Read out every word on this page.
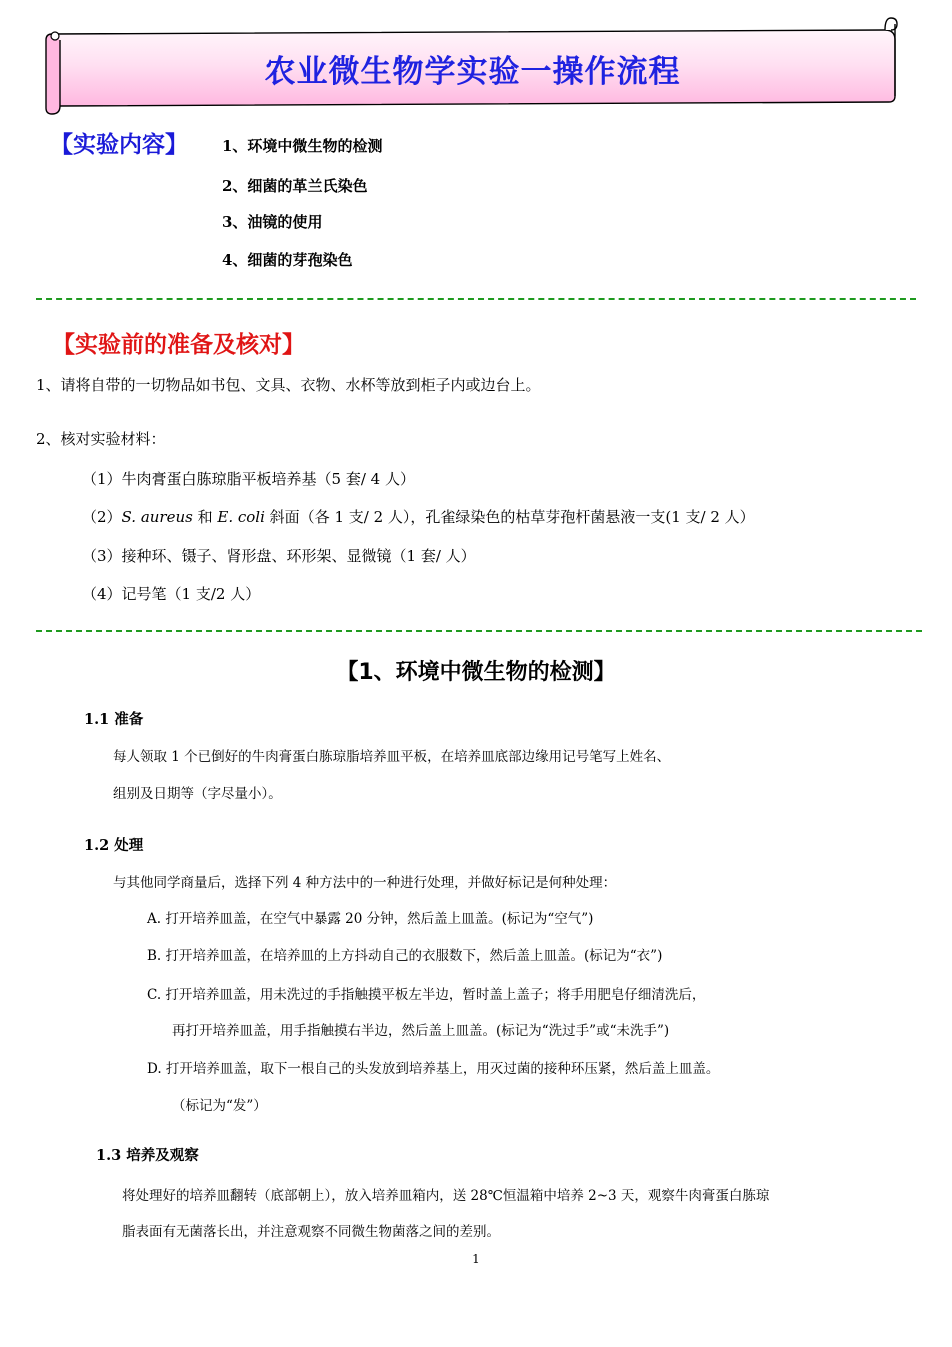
农业微生物学实验一操作流程
【实验内容】 1、环境中微生物的检测
2、细菌的革兰氏染色
3、油镜的使用
4、细菌的芽孢染色
【实验前的准备及核对】
1、请将自带的一切物品如书包、文具、衣物、水杯等放到柜子内或边台上。
2、核对实验材料：
（1）牛肉膏蛋白胨琼脂平板培养基（5 套/ 4 人）
（2）S. aureus 和 E. coli 斜面（各 1 支/ 2 人），孔雀绿染色的枯草芽孢杆菌悬液一支(1 支/ 2 人）
（3）接种环、镊子、肾形盘、环形架、显微镜（1 套/ 人）
（4）记号笔（1 支/2 人）
【1、环境中微生物的检测】
1.1 准备
每人领取 1 个已倒好的牛肉膏蛋白胨琼脂培养皿平板，在培养皿底部边缘用记号笔写上姓名、
组别及日期等（字尽量小）。
1.2 处理
与其他同学商量后，选择下列 4 种方法中的一种进行处理，并做好标记是何种处理：
A. 打开培养皿盖，在空气中暴露 20 分钟，然后盖上皿盖。(标记为“空气”)
B. 打开培养皿盖，在培养皿的上方抖动自己的衣服数下，然后盖上皿盖。(标记为“衣”)
C. 打开培养皿盖，用未洗过的手指触摸平板左半边，暂时盖上盖子；将手用肥皂仔细清洗后，
再打开培养皿盖，用手指触摸右半边，然后盖上皿盖。(标记为“洗过手”或“未洗手”)
D. 打开培养皿盖，取下一根自己的头发放到培养基上，用灭过菌的接种环压紧，然后盖上皿盖。
（标记为“发”）
1.3 培养及观察
将处理好的培养皿翻转（底部朝上），放入培养皿箱内，送 28℃恒温箱中培养 2~3 天，观察牛肉膏蛋白胨琼
脂表面有无菌落长出，并注意观察不同微生物菌落之间的差别。
1
